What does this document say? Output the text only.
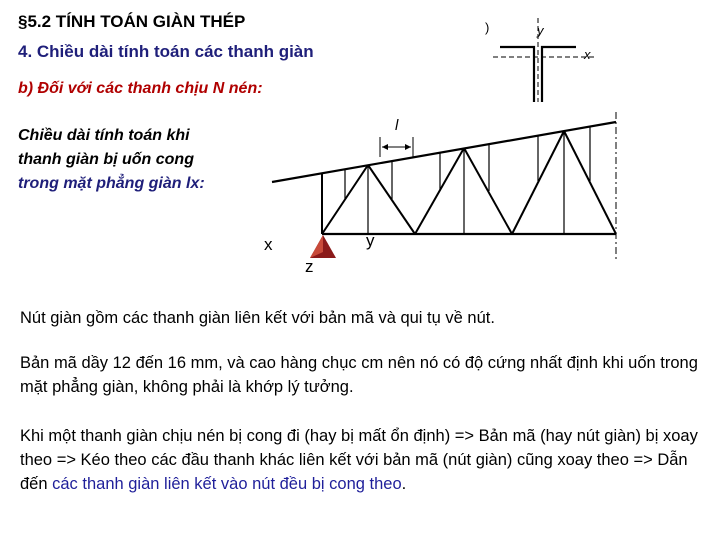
§5.2 TÍNH TOÁN GIÀN THÉP
4. Chiều dài tính toán các thanh giàn
b) Đối với các thanh chịu N nén:
Chiều dài tính toán khi
thanh giàn bị uốn cong
trong mặt phẳng giàn lx:
)	y
x
l
x	y
z
Nút giàn gồm các thanh giàn liên kết với bản mã và qui tụ về nút.
Bản mã dầy 12 đến 16 mm, và cao hàng chục cm nên nó có độ cứng nhất định khi uốn trong mặt phẳng giàn, không phải là khớp lý tưởng.
Khi một thanh giàn chịu nén bị cong đi (hay bị mất ổn định) => Bản mã (hay nút giàn) bị xoay theo => Kéo theo các đầu thanh khác liên kết với bản mã (nút giàn) cũng xoay theo => Dẫn đến các thanh giàn liên kết vào nút đều bị cong theo.
